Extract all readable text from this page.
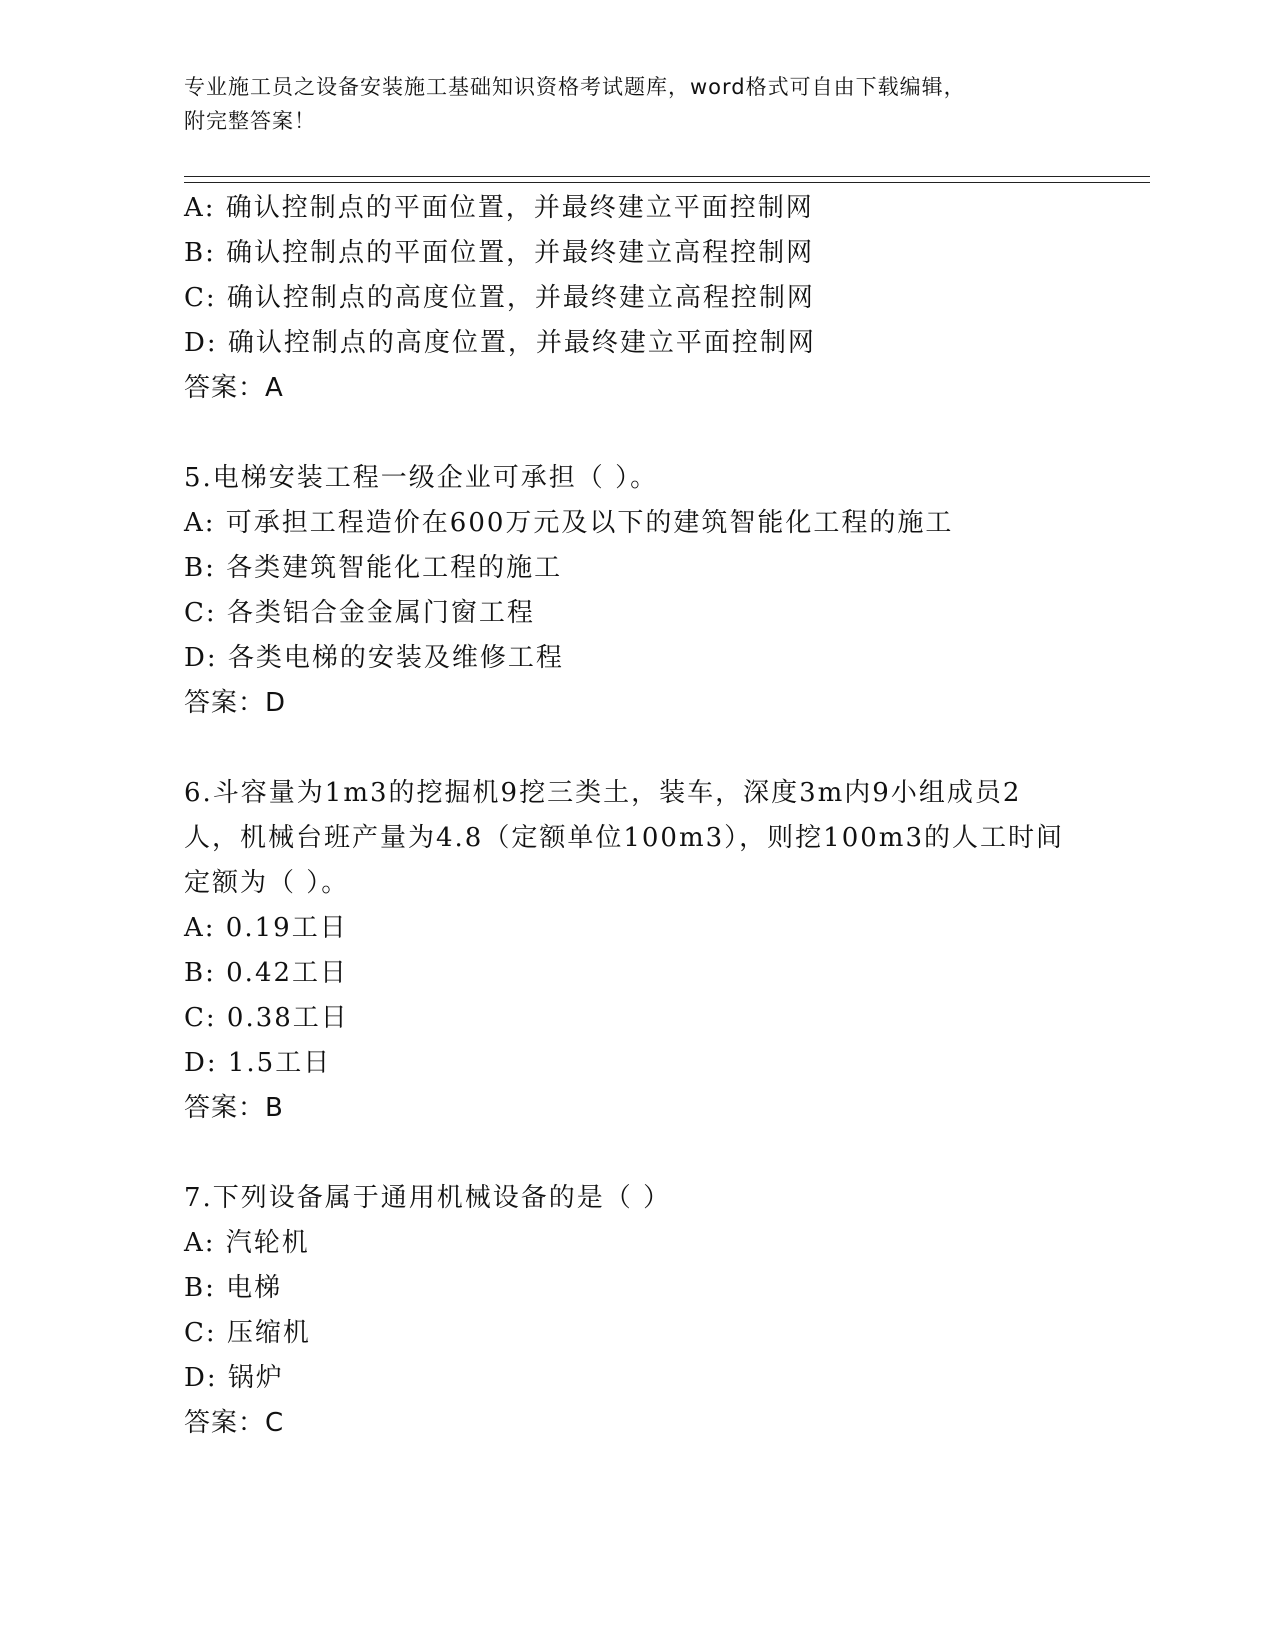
专业施工员之设备安装施工基础知识资格考试题库，word格式可自由下载编辑，
附完整答案！
A: 确认控制点的平面位置，并最终建立平面控制网
B: 确认控制点的平面位置，并最终建立高程控制网
C: 确认控制点的高度位置，并最终建立高程控制网
D: 确认控制点的高度位置，并最终建立平面控制网
答案：A
5.电梯安装工程一级企业可承担（ ）。
A: 可承担工程造价在600万元及以下的建筑智能化工程的施工
B: 各类建筑智能化工程的施工
C: 各类铝合金金属门窗工程
D: 各类电梯的安装及维修工程
答案：D
6.斗容量为1m3的挖掘机9挖三类土，装车，深度3m内9小组成员2
人，机械台班产量为4.8（定额单位100m3），则挖100m3的人工时间
定额为（ ）。
A: 0.19工日
B: 0.42工日
C: 0.38工日
D: 1.5工日
答案：B
7.下列设备属于通用机械设备的是（ ）
A: 汽轮机
B: 电梯
C: 压缩机
D: 锅炉
答案：C
